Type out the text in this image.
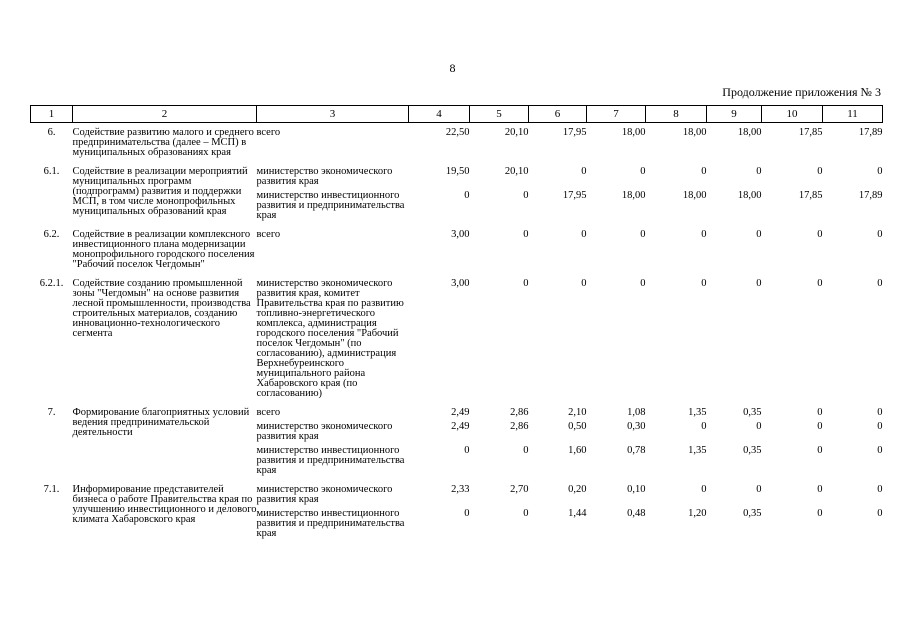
8
Продолжение приложения № 3
1	2	3	4	5	6	7	8	9	10	11
6.	Содействие развитию малого и среднего предпринимательства (далее – МСП) в муниципальных образованиях края	всего	22,50	20,10	17,95	18,00	18,00	18,00	17,85	17,89
6.1.	Содействие в реализации мероприятий муниципальных программ (подпрограмм) развития и поддержки МСП, в том числе монопрофильных муниципальных образований края	министерство экономического развития края	19,50	20,10	0	0	0	0	0	0
		министерство инвестиционного развития и предпринимательства края	0	0	17,95	18,00	18,00	18,00	17,85	17,89
6.2.	Содействие в реализации комплексного инвестиционного плана модернизации монопрофильного городского поселения "Рабочий поселок Чегдомын"	всего	3,00	0	0	0	0	0	0	0
6.2.1.	Содействие созданию промышленной зоны "Чегдомын" на основе развития лесной промышленности, производства строительных материалов, созданию инновационно-технологического сегмента	министерство экономического развития края, комитет Правительства края по развитию топливно-энергетического комплекса, администрация городского поселения "Рабочий поселок Чегдомын" (по согласованию), администрация Верхнебуреинского муниципального района Хабаровского края (по согласованию)	3,00	0	0	0	0	0	0	0
7.	Формирование благоприятных условий ведения предпринимательской деятельности	всего	2,49	2,86	2,10	1,08	1,35	0,35	0	0
		министерство экономического развития края	2,49	2,86	0,50	0,30	0	0	0	0
		министерство инвестиционного развития и предпринимательства края	0	0	1,60	0,78	1,35	0,35	0	0
7.1.	Информирование представителей бизнеса о работе Правительства края по улучшению инвестиционного и делового климата Хабаровского края	министерство экономического развития края	2,33	2,70	0,20	0,10	0	0	0	0
		министерство инвестиционного развития и предпринимательства края	0	0	1,44	0,48	1,20	0,35	0	0
